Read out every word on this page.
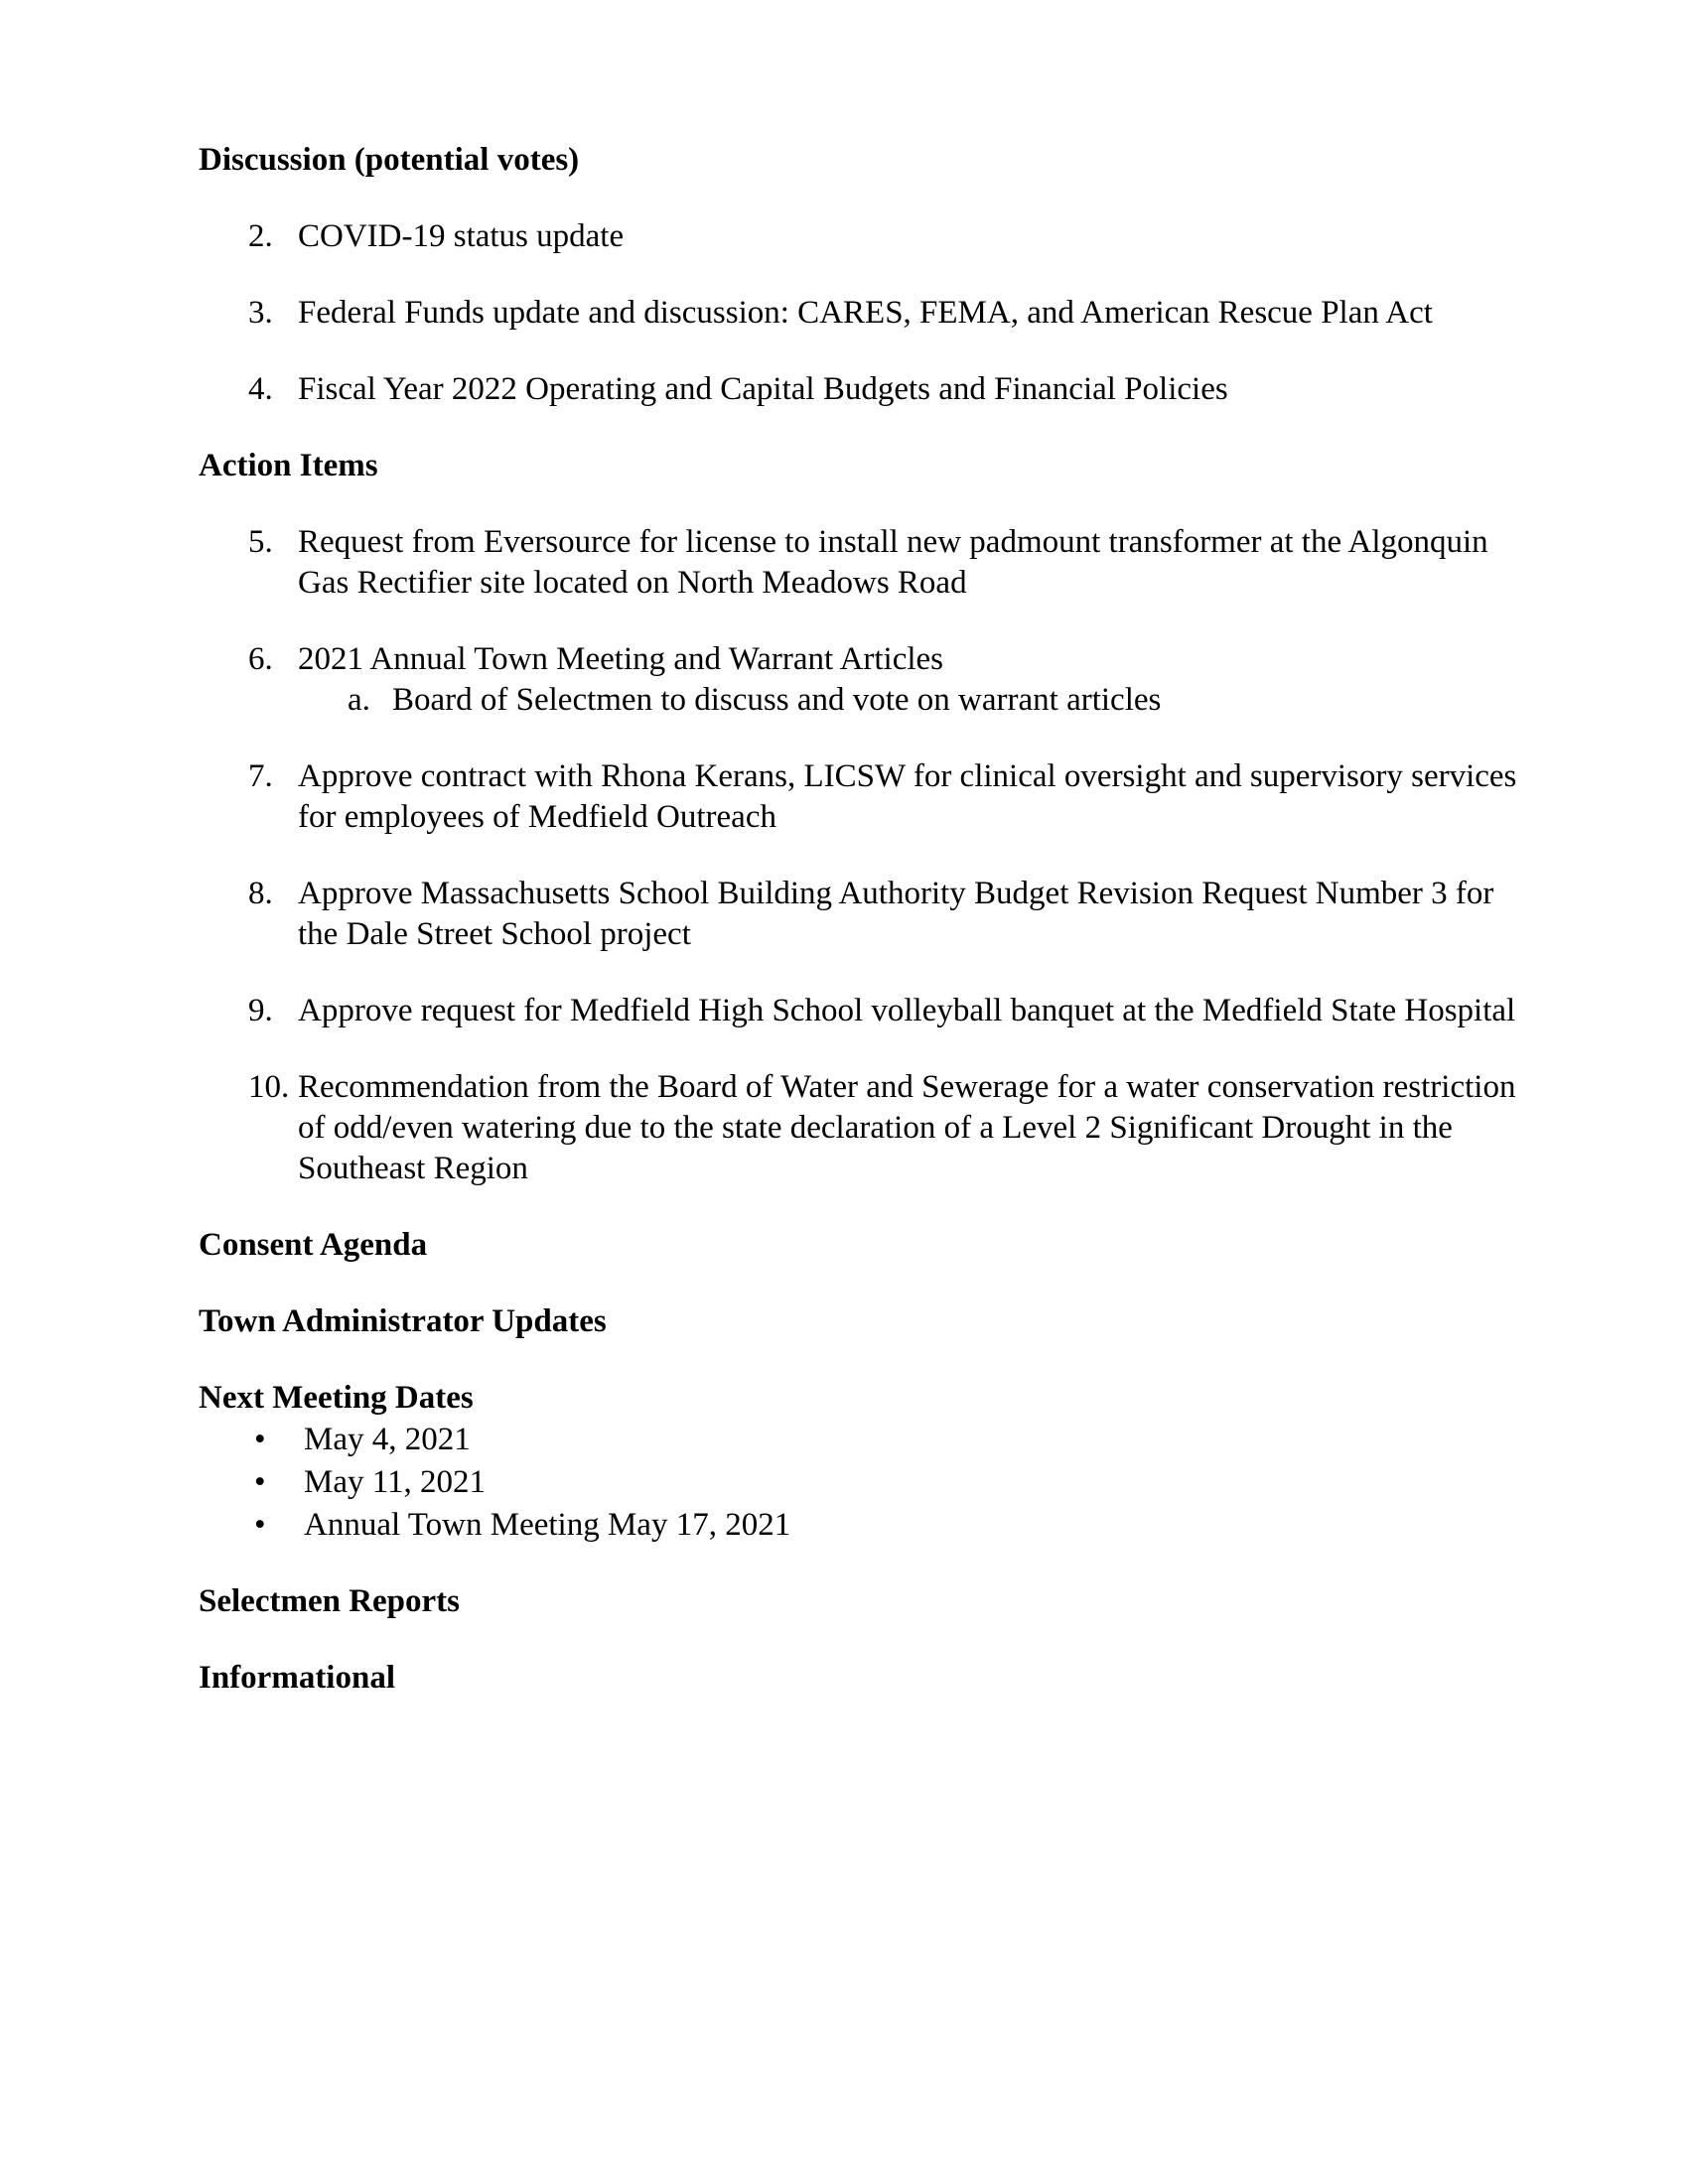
Discussion (potential votes)
2. COVID-19 status update
3. Federal Funds update and discussion: CARES, FEMA, and American Rescue Plan Act
4. Fiscal Year 2022 Operating and Capital Budgets and Financial Policies
Action Items
5. Request from Eversource for license to install new padmount transformer at the Algonquin Gas Rectifier site located on North Meadows Road
6. 2021 Annual Town Meeting and Warrant Articles
a. Board of Selectmen to discuss and vote on warrant articles
7. Approve contract with Rhona Kerans, LICSW for clinical oversight and supervisory services for employees of Medfield Outreach
8. Approve Massachusetts School Building Authority Budget Revision Request Number 3 for the Dale Street School project
9. Approve request for Medfield High School volleyball banquet at the Medfield State Hospital
10. Recommendation from the Board of Water and Sewerage for a water conservation restriction of odd/even watering due to the state declaration of a Level 2 Significant Drought in the Southeast Region
Consent Agenda
Town Administrator Updates
Next Meeting Dates
•	May 4, 2021
•	May 11, 2021
•	Annual Town Meeting May 17, 2021
Selectmen Reports
Informational
